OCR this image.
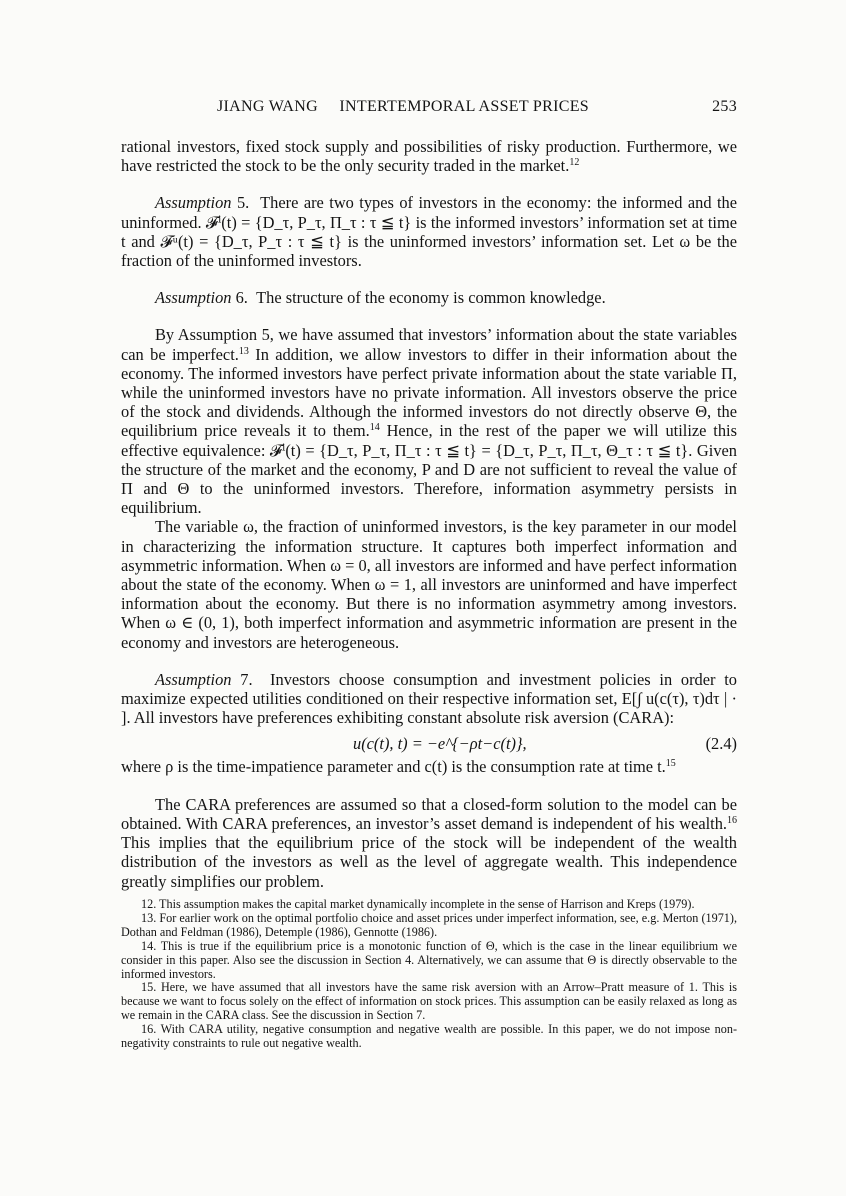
JIANG WANG INTERTEMPORAL ASSET PRICES	253

rational investors, fixed stock supply and possibilities of risky production. Furthermore, we have restricted the stock to be the only security traded in the market.$^{12}$

Assumption 5. There are two types of investors in the economy: the informed and the uninformed. 𝓕ⁱ(t) = {D_τ, P_τ, Π_τ : τ ≦ t} is the informed investors’ information set at time t and 𝓕ᵘ(t) = {D_τ, P_τ : τ ≦ t} is the uninformed investors’ information set. Let ω be the fraction of the uninformed investors.

Assumption 6. The structure of the economy is common knowledge.

By Assumption 5, we have assumed that investors’ information about the state variables can be imperfect.$^{13}$ In addition, we allow investors to differ in their information about the economy. The informed investors have perfect private information about the state variable Π, while the uninformed investors have no private information. All investors observe the price of the stock and dividends. Although the informed investors do not directly observe Θ, the equilibrium price reveals it to them.$^{14}$ Hence, in the rest of the paper we will utilize this effective equivalence: 𝓕ⁱ(t) = {D_τ, P_τ, Π_τ : τ ≦ t} = {D_τ, P_τ, Π_τ, Θ_τ : τ ≦ t}. Given the structure of the market and the economy, P and D are not sufficient to reveal the value of Π and Θ to the uninformed investors. Therefore, information asymmetry persists in equilibrium.

The variable ω, the fraction of uninformed investors, is the key parameter in our model in characterizing the information structure. It captures both imperfect information and asymmetric information. When ω = 0, all investors are informed and have perfect information about the state of the economy. When ω = 1, all investors are uninformed and have imperfect information about the economy. But there is no information asymmetry among investors. When ω ∈ (0, 1), both imperfect information and asymmetric information are present in the economy and investors are heterogeneous.

Assumption 7. Investors choose consumption and investment policies in order to maximize expected utilities conditioned on their respective information set, E[∫ u(c(τ), τ)dτ | · ]. All investors have preferences exhibiting constant absolute risk aversion (CARA):

u(c(t), t) = −e^{−ρt−c(t)},	(2.4)

where ρ is the time-impatience parameter and c(t) is the consumption rate at time t.$^{15}$

The CARA preferences are assumed so that a closed-form solution to the model can be obtained. With CARA preferences, an investor’s asset demand is independent of his wealth.$^{16}$ This implies that the equilibrium price of the stock will be independent of the wealth distribution of the investors as well as the level of aggregate wealth. This independence greatly simplifies our problem.

12. This assumption makes the capital market dynamically incomplete in the sense of Harrison and Kreps (1979).

13. For earlier work on the optimal portfolio choice and asset prices under imperfect information, see, e.g. Merton (1971), Dothan and Feldman (1986), Detemple (1986), Gennotte (1986).

14. This is true if the equilibrium price is a monotonic function of Θ, which is the case in the linear equilibrium we consider in this paper. Also see the discussion in Section 4. Alternatively, we can assume that Θ is directly observable to the informed investors.

15. Here, we have assumed that all investors have the same risk aversion with an Arrow–Pratt measure of 1. This is because we want to focus solely on the effect of information on stock prices. This assumption can be easily relaxed as long as we remain in the CARA class. See the discussion in Section 7.

16. With CARA utility, negative consumption and negative wealth are possible. In this paper, we do not impose non-negativity constraints to rule out negative wealth.
